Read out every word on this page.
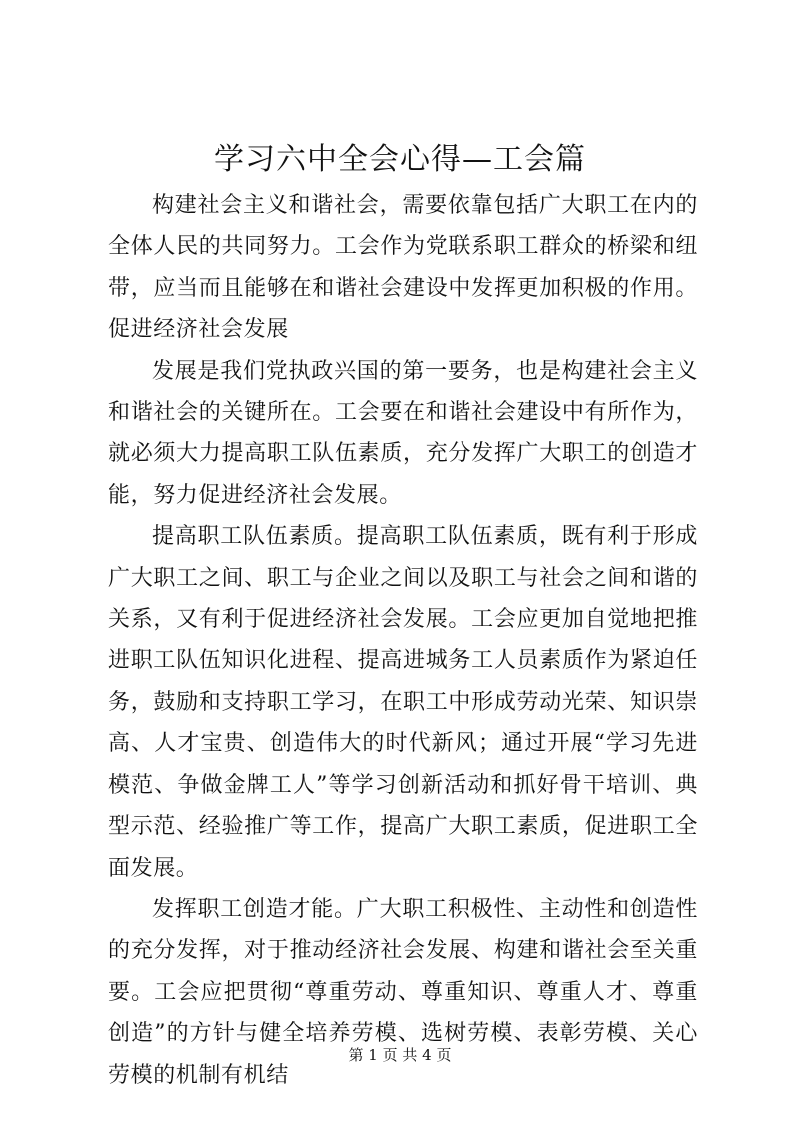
学习六中全会心得—工会篇

构建社会主义和谐社会，需要依靠包括广大职工在内的全体人民的共同努力。工会作为党联系职工群众的桥梁和纽带，应当而且能够在和谐社会建设中发挥更加积极的作用。促进经济社会发展

发展是我们党执政兴国的第一要务，也是构建社会主义和谐社会的关键所在。工会要在和谐社会建设中有所作为，就必须大力提高职工队伍素质，充分发挥广大职工的创造才能，努力促进经济社会发展。

提高职工队伍素质。提高职工队伍素质，既有利于形成广大职工之间、职工与企业之间以及职工与社会之间和谐的关系，又有利于促进经济社会发展。工会应更加自觉地把推进职工队伍知识化进程、提高进城务工人员素质作为紧迫任务，鼓励和支持职工学习，在职工中形成劳动光荣、知识崇高、人才宝贵、创造伟大的时代新风；通过开展“学习先进模范、争做金牌工人”等学习创新活动和抓好骨干培训、典型示范、经验推广等工作，提高广大职工素质，促进职工全面发展。

发挥职工创造才能。广大职工积极性、主动性和创造性的充分发挥，对于推动经济社会发展、构建和谐社会至关重要。工会应把贯彻“尊重劳动、尊重知识、尊重人才、尊重创造”的方针与健全培养劳模、选树劳模、表彰劳模、关心劳模的机制有机结

第 1 页 共 4 页
